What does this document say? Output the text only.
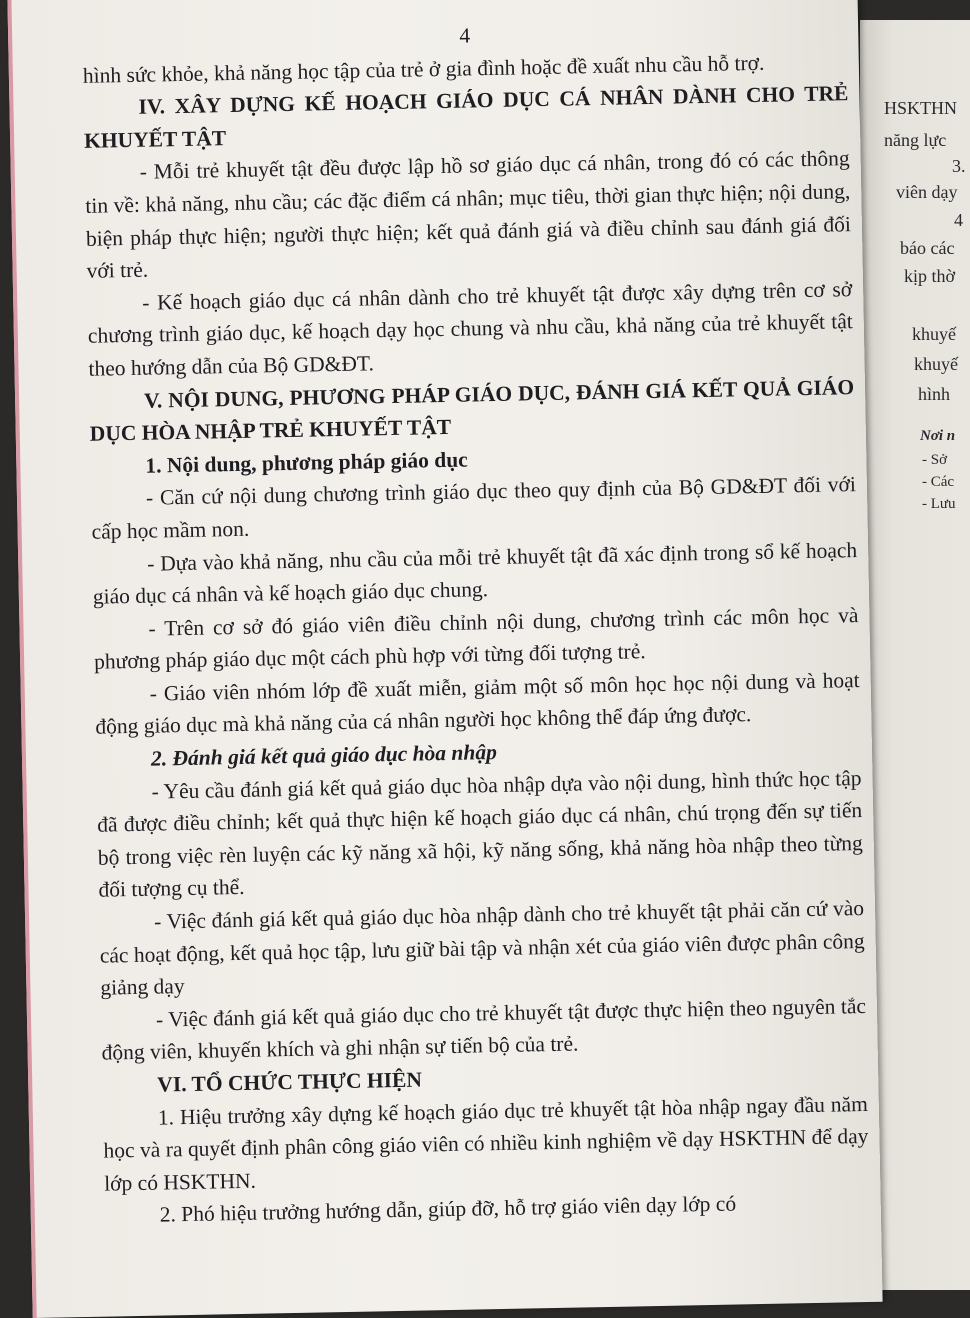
HSKTHN
năng lực
3.
viên dạy
4
báo các
kịp thờ
khuyế
khuyế
hình
Nơi n
- Sở
- Các
- Lưu

4

hình sức khỏe, khả năng học tập của trẻ ở gia đình hoặc đề xuất nhu cầu hỗ trợ.

IV. XÂY DỰNG KẾ HOẠCH GIÁO DỤC CÁ NHÂN DÀNH CHO TRẺ KHUYẾT TẬT

- Mỗi trẻ khuyết tật đều được lập hồ sơ giáo dục cá nhân, trong đó có các thông tin về: khả năng, nhu cầu; các đặc điểm cá nhân; mục tiêu, thời gian thực hiện; nội dung, biện pháp thực hiện; người thực hiện; kết quả đánh giá và điều chỉnh sau đánh giá đối với trẻ.

- Kế hoạch giáo dục cá nhân dành cho trẻ khuyết tật được xây dựng trên cơ sở chương trình giáo dục, kế hoạch dạy học chung và nhu cầu, khả năng của trẻ khuyết tật theo hướng dẫn của Bộ GD&ĐT.

V. NỘI DUNG, PHƯƠNG PHÁP GIÁO DỤC, ĐÁNH GIÁ KẾT QUẢ GIÁO DỤC HÒA NHẬP TRẺ KHUYẾT TẬT

1. Nội dung, phương pháp giáo dục

- Căn cứ nội dung chương trình giáo dục theo quy định của Bộ GD&ĐT đối với cấp học mầm non.

- Dựa vào khả năng, nhu cầu của mỗi trẻ khuyết tật đã xác định trong sổ kế hoạch giáo dục cá nhân và kế hoạch giáo dục chung.

- Trên cơ sở đó giáo viên điều chỉnh nội dung, chương trình các môn học và phương pháp giáo dục một cách phù hợp với từng đối tượng trẻ.

- Giáo viên nhóm lớp đề xuất miễn, giảm một số môn học học nội dung và hoạt động giáo dục mà khả năng của cá nhân người học không thể đáp ứng được.

2. Đánh giá kết quả giáo dục hòa nhập

- Yêu cầu đánh giá kết quả giáo dục hòa nhập dựa vào nội dung, hình thức học tập đã được điều chỉnh; kết quả thực hiện kế hoạch giáo dục cá nhân, chú trọng đến sự tiến bộ trong việc rèn luyện các kỹ năng xã hội, kỹ năng sống, khả năng hòa nhập theo từng đối tượng cụ thể.

- Việc đánh giá kết quả giáo dục hòa nhập dành cho trẻ khuyết tật phải căn cứ vào các hoạt động, kết quả học tập, lưu giữ bài tập và nhận xét của giáo viên được phân công giảng dạy

- Việc đánh giá kết quả giáo dục cho trẻ khuyết tật được thực hiện theo nguyên tắc động viên, khuyến khích và ghi nhận sự tiến bộ của trẻ.

VI. TỔ CHỨC THỰC HIỆN

1. Hiệu trưởng xây dựng kế hoạch giáo dục trẻ khuyết tật hòa nhập ngay đầu năm học và ra quyết định phân công giáo viên có nhiều kinh nghiệm về dạy HSKTHN để dạy lớp có HSKTHN.

2. Phó hiệu trưởng hướng dẫn, giúp đỡ, hỗ trợ giáo viên dạy lớp có
